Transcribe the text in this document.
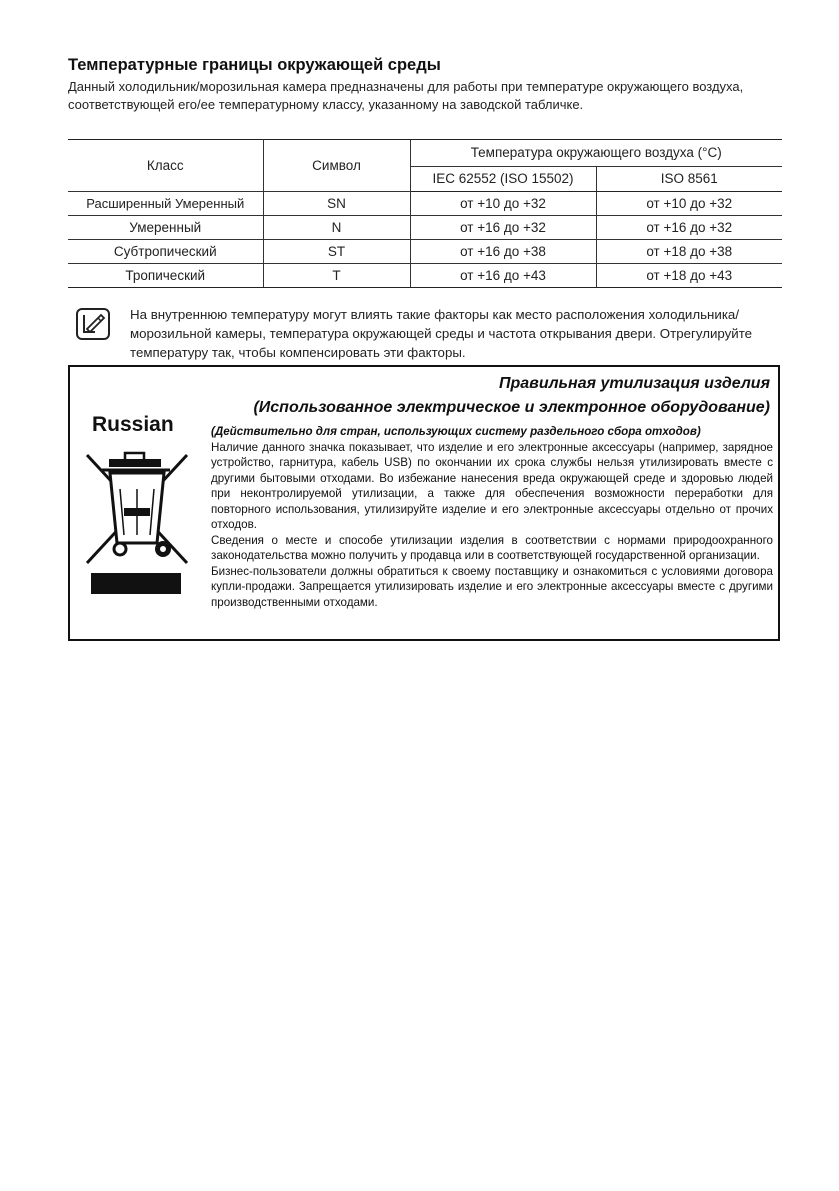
Температурные границы окружающей среды

Данный холодильник/морозильная камера предназначены для работы при температуре окружающего воздуха, соответствующей его/ее температурному классу, указанному на заводской табличке.

Класс	Символ	Температура окружающего воздуха (°C)	
		IEC 62552 (ISO 15502)	ISO 8561
Расширенный Умеренный	SN	от +10 до +32	от +10 до +32
Умеренный	N	от +16 до +32	от +16 до +32
Субтропический	ST	от +16 до +38	от +18 до +38
Тропический	T	от +16 до +43	от +18 до +43

На внутреннюю температуру могут влиять такие факторы как место расположения холодильника/морозильной камеры, температура окружающей среды и частота открывания двери. Отрегулируйте температуру так, чтобы компенсировать эти факторы.

Russian

Правильная утилизация изделия

(Использованное электрическое и электронное оборудование)

(Действительно для стран, использующих систему раздельного сбора отходов)

Наличие данного значка показывает, что изделие и его электронные аксессуары (например, зарядное устройство, гарнитура, кабель USB) по окончании их срока службы нельзя утилизировать вместе с другими бытовыми отходами. Во избежание нанесения вреда окружающей среде и здоровью людей при неконтролируемой утилизации, а также для обеспечения возможности переработки для повторного использования, утилизируйте изделие и его электронные аксессуары отдельно от прочих отходов.

Сведения о месте и способе утилизации изделия в соответствии с нормами природоохранного законодательства можно получить у продавца или в соответствующей государственной организации.

Бизнес-пользователи должны обратиться к своему поставщику и ознакомиться с условиями договора купли-продажи. Запрещается утилизировать изделие и его электронные аксессуары вместе с другими производственными отходами.
